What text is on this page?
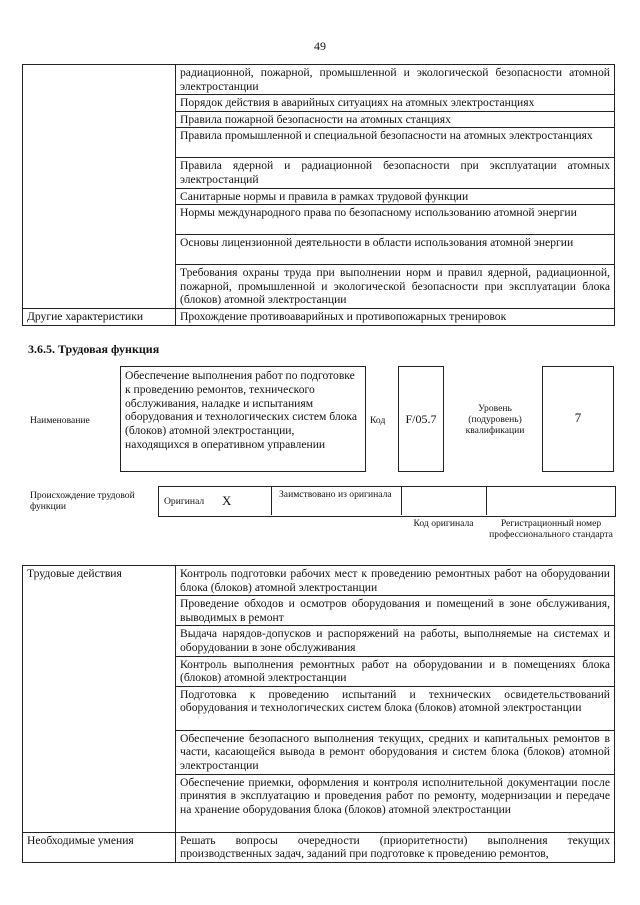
49
	радиационной, пожарной, промышленной и экологической безопасности атомной электростанции
	Порядок действия в аварийных ситуациях на атомных электростанциях
	Правила пожарной безопасности на атомных станциях
	Правила промышленной и специальной безопасности на атомных электростанциях
	Правила ядерной и радиационной безопасности при эксплуатации атомных электростанций
	Санитарные нормы и правила в рамках трудовой функции
	Нормы международного права по безопасному использованию атомной энергии
	Основы лицензионной деятельности в области использования атомной энергии
	Требования охраны труда при выполнении норм и правил ядерной, радиационной, пожарной, промышленной и экологической безопасности при эксплуатации блока (блоков) атомной электростанции
Другие характеристики	Прохождение противоаварийных и противопожарных тренировок
3.6.5. Трудовая функция
Наименование
Обеспечение выполнения работ по подготовке к проведению ремонтов, технического обслуживания, наладке и испытаниям оборудования и технологических систем блока (блоков) атомной электростанции, находящихся в оперативном управлении
Код	F/05.7
Уровень (подуровень) квалификации
7
Происхождение трудовой функции	Оригинал X	Заимствовано из оригинала
Код оригинала	Регистрационный номер профессионального стандарта
Трудовые действия	Контроль подготовки рабочих мест к проведению ремонтных работ на оборудовании блока (блоков) атомной электростанции
	Проведение обходов и осмотров оборудования и помещений в зоне обслуживания, выводимых в ремонт
	Выдача нарядов-допусков и распоряжений на работы, выполняемые на системах и оборудовании в зоне обслуживания
	Контроль выполнения ремонтных работ на оборудовании и в помещениях блока (блоков) атомной электростанции
	Подготовка к проведению испытаний и технических освидетельствований оборудования и технологических систем блока (блоков) атомной электростанции
	Обеспечение безопасного выполнения текущих, средних и капитальных ремонтов в части, касающейся вывода в ремонт оборудования и систем блока (блоков) атомной электростанции
	Обеспечение приемки, оформления и контроля исполнительной документации после принятия в эксплуатацию и проведения работ по ремонту, модернизации и передаче на хранение оборудования блока (блоков) атомной электростанции
Необходимые умения	Решать вопросы очередности (приоритетности) выполнения текущих производственных задач, заданий при подготовке к проведению ремонтов,
